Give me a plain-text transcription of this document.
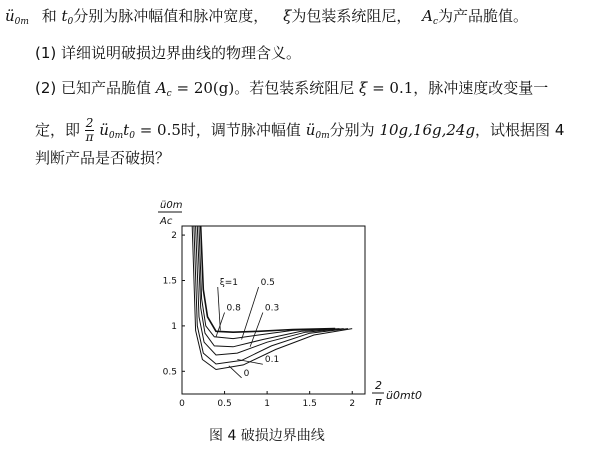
$ü_{0m}$ 和 $t_0$分别为脉冲幅值和脉冲宽度， ξ为包装系统阻尼， $A_c$为产品脆值。
(1) 详细说明破损边界曲线的物理含义。
(2) 已知产品脆值 $A_c = 20(g)$。若包装系统阻尼 ξ = 0.1，脉冲速度改变量一
定，即 $\frac{2}{\pi}$ $ü_{0m}t_0 = 0.5$时，调节脉冲幅值 $ü_{0m}$分别为 10g,16g,24g，试根据图 4
判断产品是否破损？
ü0m
Ac
2
π ü0mt0
0	0.5	1	1.5	2
0.5
1
1.5
2
ξ=1
0.8
0.5
0.3
0.1
0
图 4 破损边界曲线
